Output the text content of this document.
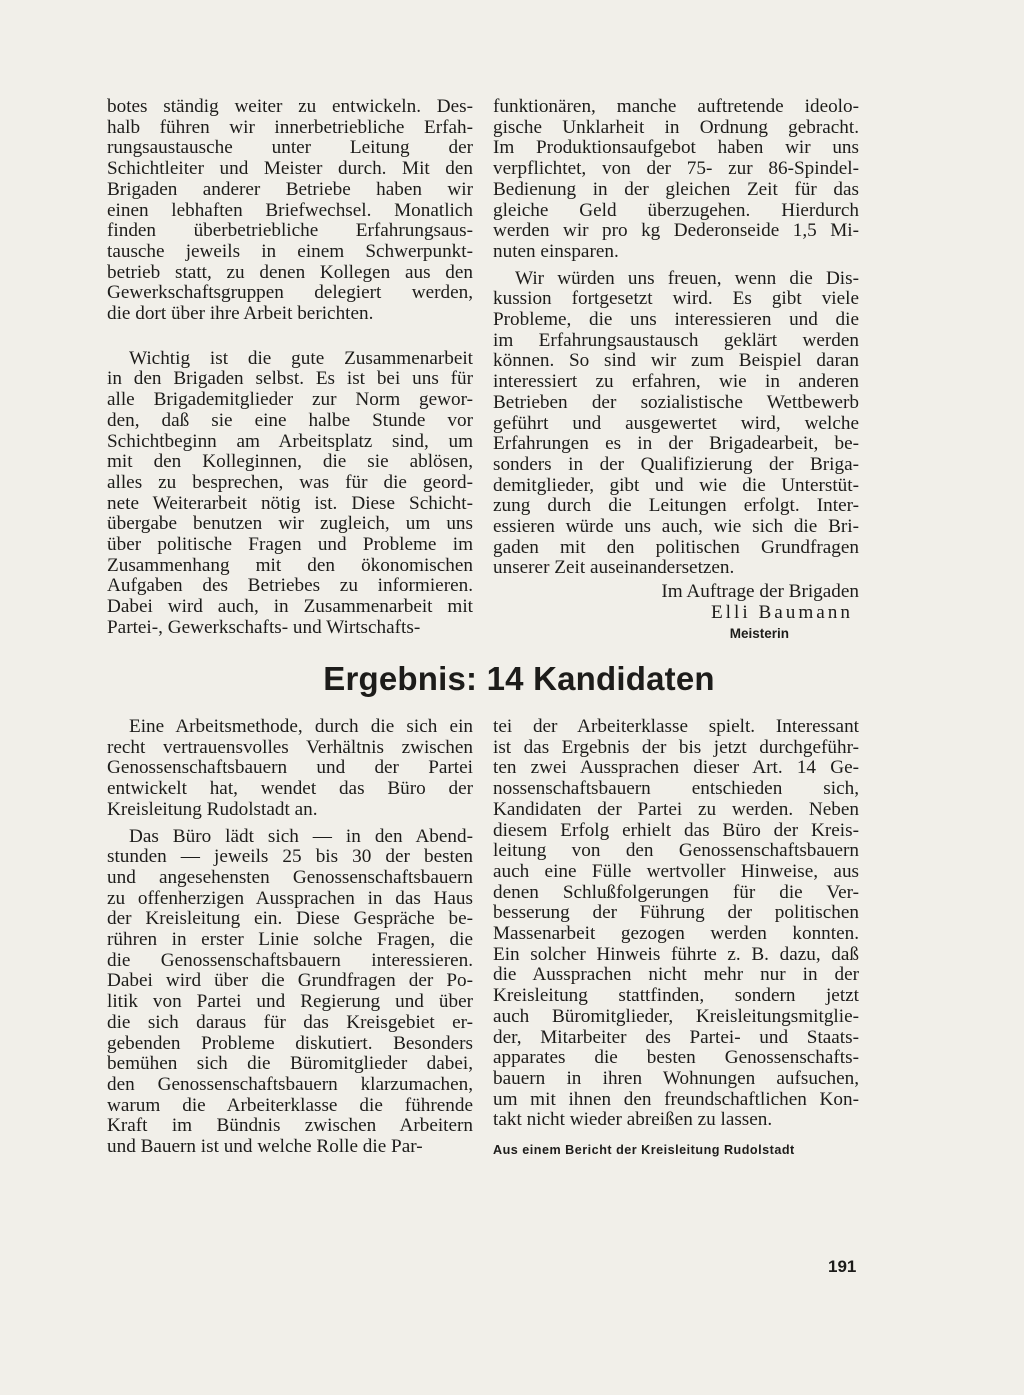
botes ständig weiter zu entwickeln. Des-
halb führen wir innerbetriebliche Erfah-
rungsaustausche unter Leitung der
Schichtleiter und Meister durch. Mit den
Brigaden anderer Betriebe haben wir
einen lebhaften Briefwechsel. Monatlich
finden überbetriebliche Erfahrungsaus-
tausche jeweils in einem Schwerpunkt-
betrieb statt, zu denen Kollegen aus den
Gewerkschaftsgruppen delegiert werden,
die dort über ihre Arbeit berichten.

Wichtig ist die gute Zusammenarbeit
in den Brigaden selbst. Es ist bei uns für
alle Brigademitglieder zur Norm gewor-
den, daß sie eine halbe Stunde vor
Schichtbeginn am Arbeitsplatz sind, um
mit den Kolleginnen, die sie ablösen,
alles zu besprechen, was für die geord-
nete Weiterarbeit nötig ist. Diese Schicht-
übergabe benutzen wir zugleich, um uns
über politische Fragen und Probleme im
Zusammenhang mit den ökonomischen
Aufgaben des Betriebes zu informieren.
Dabei wird auch, in Zusammenarbeit mit
Partei-, Gewerkschafts- und Wirtschafts-

funktionären, manche auftretende ideolo-
gische Unklarheit in Ordnung gebracht.
Im Produktionsaufgebot haben wir uns
verpflichtet, von der 75- zur 86-Spindel-
Bedienung in der gleichen Zeit für das
gleiche Geld überzugehen. Hierdurch
werden wir pro kg Dederonseide 1,5 Mi-
nuten einsparen.

Wir würden uns freuen, wenn die Dis-
kussion fortgesetzt wird. Es gibt viele
Probleme, die uns interessieren und die
im Erfahrungsaustausch geklärt werden
können. So sind wir zum Beispiel daran
interessiert zu erfahren, wie in anderen
Betrieben der sozialistische Wettbewerb
geführt und ausgewertet wird, welche
Erfahrungen es in der Brigadearbeit, be-
sonders in der Qualifizierung der Briga-
demitglieder, gibt und wie die Unterstüt-
zung durch die Leitungen erfolgt. Inter-
essieren würde uns auch, wie sich die Bri-
gaden mit den politischen Grundfragen
unserer Zeit auseinandersetzen.

Im Auftrage der Brigaden
Elli Baumann
Meisterin
Ergebnis: 14 Kandidaten

Eine Arbeitsmethode, durch die sich ein
recht vertrauensvolles Verhältnis zwischen
Genossenschaftsbauern und der Partei
entwickelt hat, wendet das Büro der
Kreisleitung Rudolstadt an.

Das Büro lädt sich — in den Abend-
stunden — jeweils 25 bis 30 der besten
und angesehensten Genossenschaftsbauern
zu offenherzigen Aussprachen in das Haus
der Kreisleitung ein. Diese Gespräche be-
rühren in erster Linie solche Fragen, die
die Genossenschaftsbauern interessieren.
Dabei wird über die Grundfragen der Po-
litik von Partei und Regierung und über
die sich daraus für das Kreisgebiet er-
gebenden Probleme diskutiert. Besonders
bemühen sich die Büromitglieder dabei,
den Genossenschaftsbauern klarzumachen,
warum die Arbeiterklasse die führende
Kraft im Bündnis zwischen Arbeitern
und Bauern ist und welche Rolle die Par-

tei der Arbeiterklasse spielt. Interessant
ist das Ergebnis der bis jetzt durchgeführ-
ten zwei Aussprachen dieser Art. 14 Ge-
nossenschaftsbauern entschieden sich,
Kandidaten der Partei zu werden. Neben
diesem Erfolg erhielt das Büro der Kreis-
leitung von den Genossenschaftsbauern
auch eine Fülle wertvoller Hinweise, aus
denen Schlußfolgerungen für die Ver-
besserung der Führung der politischen
Massenarbeit gezogen werden konnten.
Ein solcher Hinweis führte z. B. dazu, daß
die Aussprachen nicht mehr nur in der
Kreisleitung stattfinden, sondern jetzt
auch Büromitglieder, Kreisleitungsmitglie-
der, Mitarbeiter des Partei- und Staats-
apparates die besten Genossenschafts-
bauern in ihren Wohnungen aufsuchen,
um mit ihnen den freundschaftlichen Kon-
takt nicht wieder abreißen zu lassen.

Aus einem Bericht der Kreisleitung Rudolstadt
191
